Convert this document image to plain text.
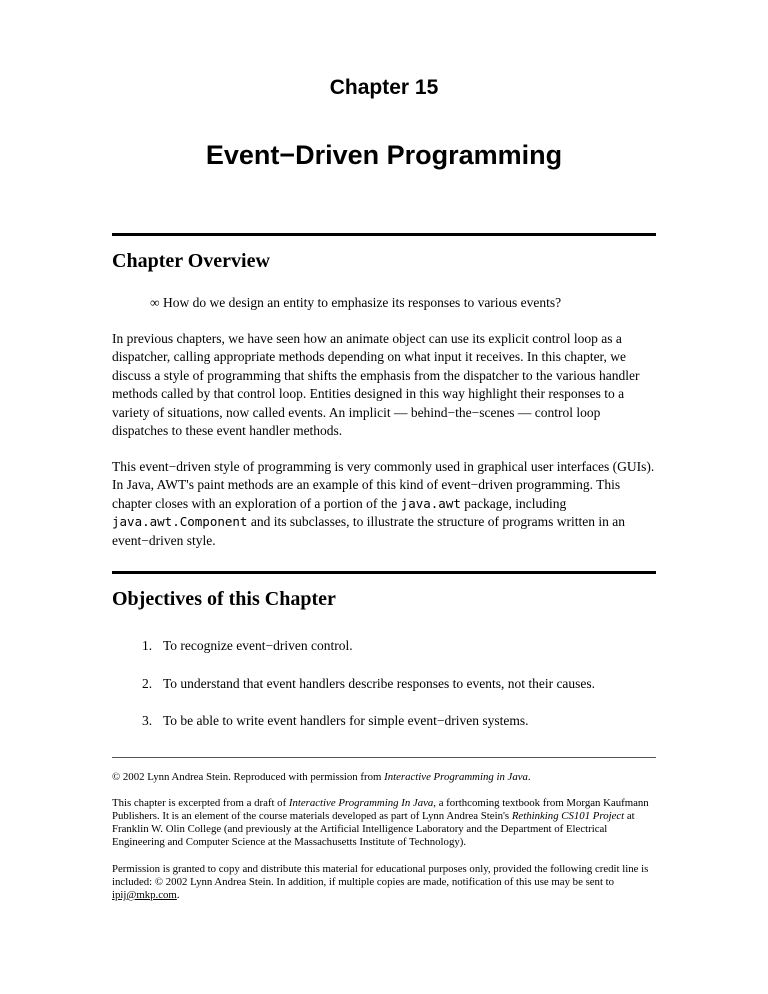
Chapter 15
Event−Driven Programming
Chapter Overview

∞ How do we design an entity to emphasize its responses to various events?

In previous chapters, we have seen how an animate object can use its explicit control loop as a dispatcher, calling appropriate methods depending on what input it receives. In this chapter, we discuss a style of programming that shifts the emphasis from the dispatcher to the various handler methods called by that control loop. Entities designed in this way highlight their responses to a variety of situations, now called events. An implicit — behind−the−scenes — control loop dispatches to these event handler methods.

This event−driven style of programming is very commonly used in graphical user interfaces (GUIs). In Java, AWT's paint methods are an example of this kind of event−driven programming. This chapter closes with an exploration of a portion of the java.awt package, including java.awt.Component and its subclasses, to illustrate the structure of programs written in an event−driven style.

Objectives of this Chapter
1. To recognize event−driven control.
2. To understand that event handlers describe responses to events, not their causes.
3. To be able to write event handlers for simple event−driven systems.

© 2002 Lynn Andrea Stein. Reproduced with permission from Interactive Programming in Java.

This chapter is excerpted from a draft of Interactive Programming In Java, a forthcoming textbook from Morgan Kaufmann Publishers. It is an element of the course materials developed as part of Lynn Andrea Stein's Rethinking CS101 Project at Franklin W. Olin College (and previously at the Artificial Intelligence Laboratory and the Department of Electrical Engineering and Computer Science at the Massachusetts Institute of Technology).

Permission is granted to copy and distribute this material for educational purposes only, provided the following credit line is included: © 2002 Lynn Andrea Stein. In addition, if multiple copies are made, notification of this use may be sent to ipij@mkp.com.
